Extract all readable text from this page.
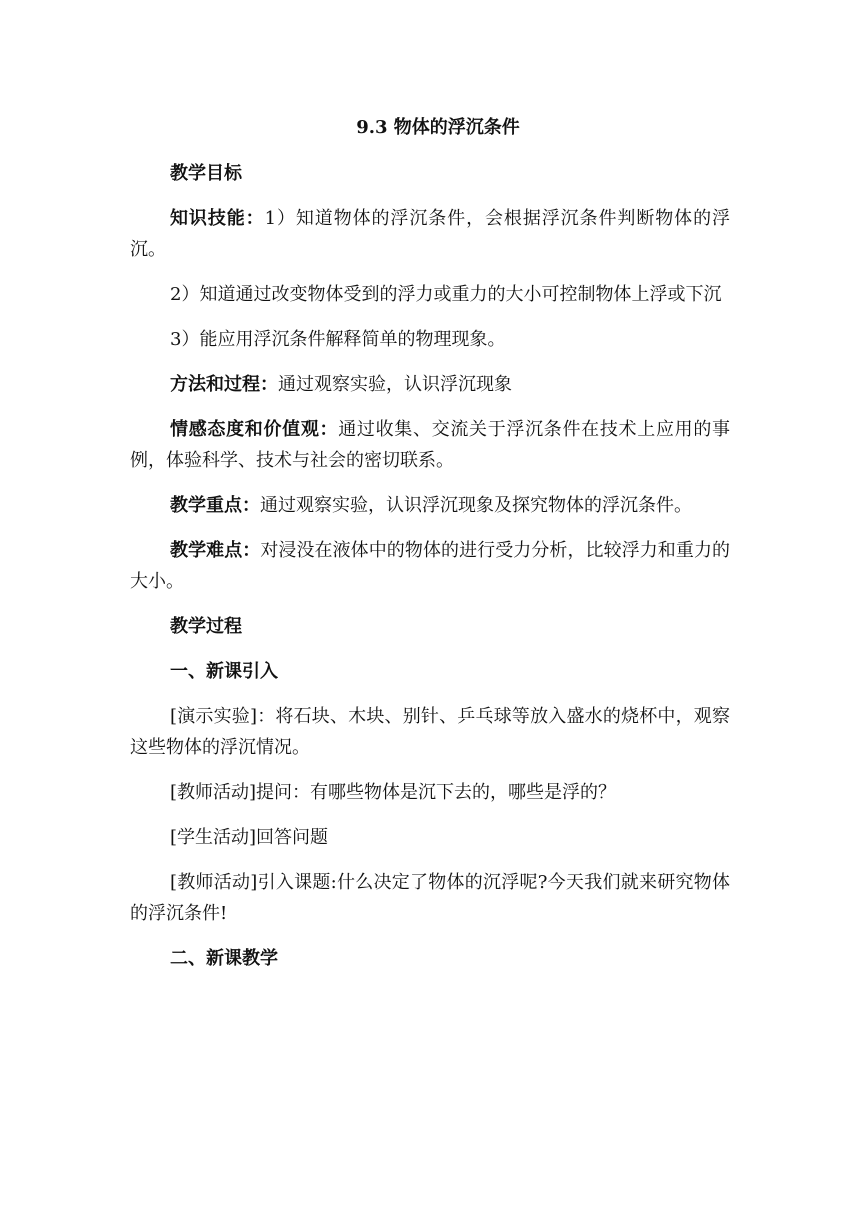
9.3 物体的浮沉条件
教学目标
知识技能：1）知道物体的浮沉条件，会根据浮沉条件判断物体的浮沉。
2）知道通过改变物体受到的浮力或重力的大小可控制物体上浮或下沉
3）能应用浮沉条件解释简单的物理现象。
方法和过程：通过观察实验，认识浮沉现象
情感态度和价值观：通过收集、交流关于浮沉条件在技术上应用的事例，体验科学、技术与社会的密切联系。
教学重点：通过观察实验，认识浮沉现象及探究物体的浮沉条件。
教学难点：对浸没在液体中的物体的进行受力分析，比较浮力和重力的大小。
教学过程
一、新课引入
[演示实验]：将石块、木块、别针、乒乓球等放入盛水的烧杯中，观察这些物体的浮沉情况。
[教师活动]提问：有哪些物体是沉下去的，哪些是浮的？
[学生活动]回答问题
[教师活动]引入课题:什么决定了物体的沉浮呢?今天我们就来研究物体的浮沉条件!
二、新课教学
